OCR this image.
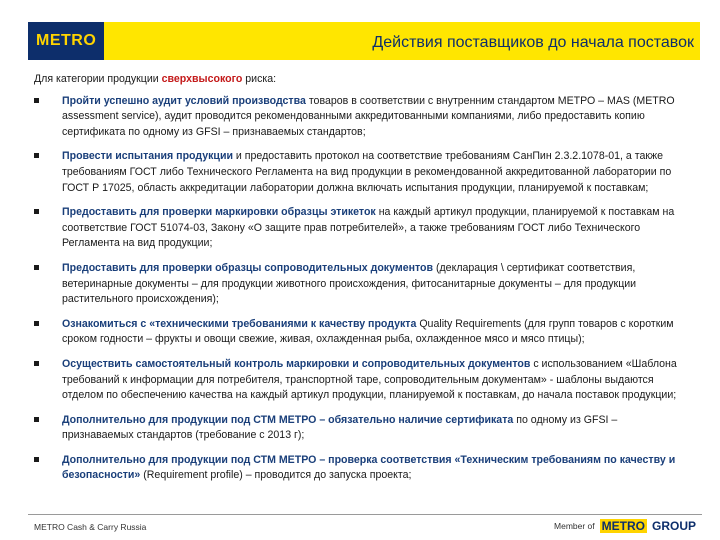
METRO	Действия поставщиков до начала поставок

Для категории продукции сверхвысокого риска:

Пройти успешно аудит условий производства товаров в соответствии с внутренним стандартом МЕТРО – MAS (METRO assessment service), аудит проводится рекомендованными аккредитованными компаниями, либо предоставить копию сертификата по одному из GFSI – признаваемых стандартов;
Провести испытания продукции и предоставить протокол на соответствие требованиям СанПин 2.3.2.1078-01, а также требованиям ГОСТ либо Технического Регламента на вид продукции в рекомендованной аккредитованной лаборатории по ГОСТ Р 17025, область аккредитации лаборатории должна включать испытания продукции, планируемой к поставкам;
Предоставить для проверки маркировки образцы этикеток на каждый артикул продукции, планируемой к поставкам на соответствие ГОСТ 51074-03, Закону «О защите прав потребителей», а также требованиям ГОСТ либо Технического Регламента на вид продукции;
Предоставить для проверки образцы сопроводительных документов (декларация \ сертификат соответствия, ветеринарные документы – для продукции животного происхождения, фитосанитарные документы – для продукции растительного происхождения);
Ознакомиться с «техническими требованиями к качеству продукта Quality Requirements (для групп товаров с коротким сроком годности – фрукты и овощи свежие, живая, охлажденная рыба, охлажденное мясо и мясо птицы);
Осуществить самостоятельный контроль маркировки и сопроводительных документов с использованием «Шаблона требований к информации для потребителя, транспортной таре, сопроводительным документам» - шаблоны выдаются отделом по обеспечению качества на каждый артикул продукции, планируемой к поставкам, до начала поставок продукции;
Дополнительно для продукции под СТМ МЕТРО – обязательно наличие сертификата по одному из GFSI – признаваемых стандартов (требование с 2013 г);
Дополнительно для продукции под СТМ МЕТРО – проверка соответствия «Техническим требованиям по качеству и безопасности» (Requirement profile) – проводится до запуска проекта;
METRO Cash & Carry Russia	Member of METRO GROUP
